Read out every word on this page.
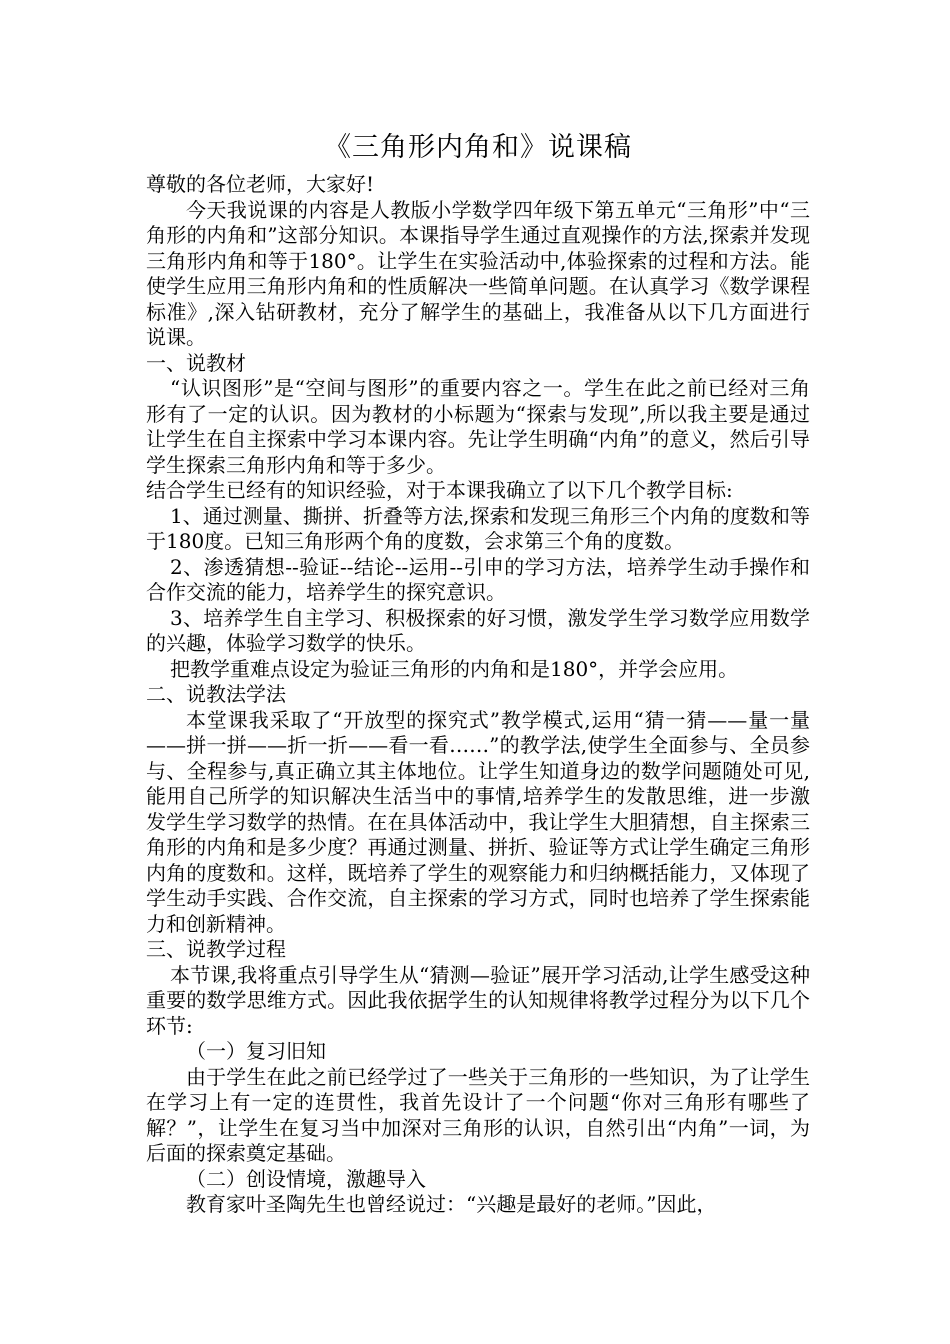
《三角形内角和》说课稿

尊敬的各位老师，大家好!

今天我说课的内容是人教版小学数学四年级下第五单元“三角形”中“三角形的内角和”这部分知识。本课指导学生通过直观操作的方法,探索并发现三角形内角和等于180°。让学生在实验活动中,体验探索的过程和方法。能使学生应用三角形内角和的性质解决一些简单问题。在认真学习《数学课程标准》,深入钻研教材，充分了解学生的基础上，我准备从以下几方面进行说课。

一、说教材

“认识图形”是“空间与图形”的重要内容之一。学生在此之前已经对三角形有了一定的认识。因为教材的小标题为“探索与发现”,所以我主要是通过让学生在自主探索中学习本课内容。先让学生明确“内角”的意义，然后引导学生探索三角形内角和等于多少。

结合学生已经有的知识经验，对于本课我确立了以下几个教学目标:

1、通过测量、撕拼、折叠等方法,探索和发现三角形三个内角的度数和等于180度。已知三角形两个角的度数，会求第三个角的度数。

2、渗透猜想--验证--结论--运用--引申的学习方法，培养学生动手操作和合作交流的能力，培养学生的探究意识。

3、培养学生自主学习、积极探索的好习惯，激发学生学习数学应用数学的兴趣，体验学习数学的快乐。

把教学重难点设定为验证三角形的内角和是180°，并学会应用。

二、说教法学法

本堂课我采取了“开放型的探究式”教学模式,运用“猜一猜——量一量——拼一拼——折一折——看一看……”的教学法,使学生全面参与、全员参与、全程参与,真正确立其主体地位。让学生知道身边的数学问题随处可见,能用自己所学的知识解决生活当中的事情,培养学生的发散思维，进一步激发学生学习数学的热情。在在具体活动中，我让学生大胆猜想，自主探索三角形的内角和是多少度？再通过测量、拼折、验证等方式让学生确定三角形内角的度数和。这样，既培养了学生的观察能力和归纳概括能力，又体现了学生动手实践、合作交流，自主探索的学习方式，同时也培养了学生探索能力和创新精神。

三、说教学过程

本节课,我将重点引导学生从“猜测—验证”展开学习活动,让学生感受这种重要的数学思维方式。因此我依据学生的认知规律将教学过程分为以下几个环节:

（一）复习旧知

由于学生在此之前已经学过了一些关于三角形的一些知识，为了让学生在学习上有一定的连贯性，我首先设计了一个问题“你对三角形有哪些了解？”，让学生在复习当中加深对三角形的认识，自然引出“内角”一词，为后面的探索奠定基础。

（二）创设情境，激趣导入

教育家叶圣陶先生也曾经说过：“兴趣是最好的老师。”因此，
